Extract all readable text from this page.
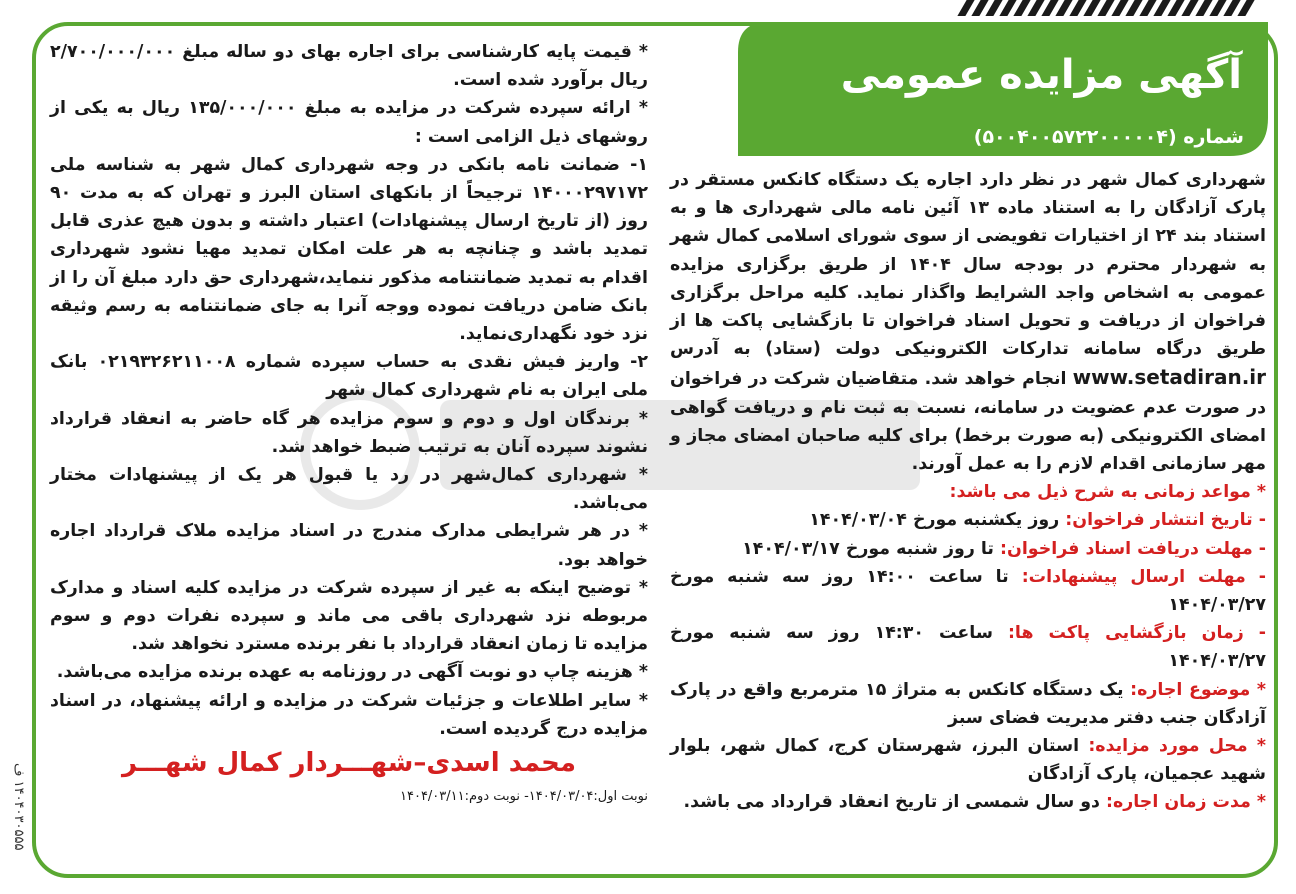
آگهی مزایده عمومی
شماره (۵۰۰۴۰۰۵۷۲۲۰۰۰۰۰۴)

شهرداری کمال شهر در نظر دارد اجاره یک دستگاه کانکس مستقر در پارک آزادگان را به استناد ماده ۱۳ آئین نامه مالی شهرداری ها و به استناد بند ۲۴ از اختیارات تفویضی از سوی شورای اسلامی کمال شهر به شهردار محترم در بودجه سال ۱۴۰۴ از طریق برگزاری مزایده عمومی به اشخاص واجد الشرایط واگذار نماید. کلیه مراحل برگزاری فراخوان از دریافت و تحویل اسناد فراخوان تا بازگشایی پاکت ها از طریق درگاه سامانه تدارکات الکترونیکی دولت (ستاد) به آدرس www.setadiran.ir انجام خواهد شد. متقاضیان شرکت در فراخوان در صورت عدم عضویت در سامانه، نسبت به ثبت نام و دریافت گواهی امضای الکترونیکی (به صورت برخط) برای کلیه صاحبان امضای مجاز و مهر سازمانی اقدام لازم را به عمل آورند.

* مواعد زمانی به شرح ذیل می باشد:

- تاریخ انتشار فراخوان: روز یکشنبه مورخ ۱۴۰۴/۰۳/۰۴

- مهلت دریافت اسناد فراخوان: تا روز شنبه مورخ ۱۴۰۴/۰۳/۱۷

- مهلت ارسال پیشنهادات: تا ساعت ۱۴:۰۰ روز سه شنبه مورخ ۱۴۰۴/۰۳/۲۷

- زمان بازگشایی پاکت ها: ساعت ۱۴:۳۰ روز سه شنبه مورخ ۱۴۰۴/۰۳/۲۷

* موضوع اجاره: یک دستگاه کانکس به متراژ ۱۵ مترمربع واقع در پارک آزادگان جنب دفتر مدیریت فضای سبز

* محل مورد مزایده: استان البرز، شهرستان کرج، کمال شهر، بلوار شهید عجمیان، پارک آزادگان

* مدت زمان اجاره: دو سال شمسی از تاریخ انعقاد قرارداد می باشد.

* قیمت پایه کارشناسی برای اجاره بهای دو ساله مبلغ ۲/۷۰۰/۰۰۰/۰۰۰ ریال برآورد شده است.

* ارائه سپرده شرکت در مزایده به مبلغ ۱۳۵/۰۰۰/۰۰۰ ریال به یکی از روشهای ذیل الزامی است :

۱- ضمانت نامه بانکی در وجه شهرداری کمال شهر به شناسه ملی ۱۴۰۰۰۲۹۷۱۷۲ ترجیحاً از بانکهای استان البرز و تهران که به مدت ۹۰ روز (از تاریخ ارسال پیشنهادات) اعتبار داشته و بدون هیچ عذری قابل تمدید باشد و چنانچه به هر علت امکان تمدید مهیا نشود شهرداری اقدام به تمدید ضمانتنامه مذکور ننماید،شهرداری حق دارد مبلغ آن را از بانک ضامن دریافت نموده ووجه آنرا به جای ضمانتنامه به رسم وثیقه نزد خود نگهداری‌نماید.

۲- واریز فیش نقدی به حساب سپرده شماره ۰۲۱۹۳۲۶۲۱۱۰۰۸ بانک ملی ایران به نام شهرداری کمال شهر

* برندگان اول و دوم و سوم مزایده هر گاه حاضر به انعقاد قرارداد نشوند سپرده آنان به ترتیب ضبط خواهد شد.

* شهرداری کمال‌شهر در رد یا قبول هر یک از پیشنهادات مختار می‌باشد.

* در هر شرایطی مدارک مندرج در اسناد مزایده ملاک قرارداد اجاره خواهد بود.

* توضیح اینکه به غیر از سپرده شرکت در مزایده کلیه اسناد و مدارک مربوطه نزد شهرداری باقی می ماند و سپرده نفرات دوم و سوم مزایده تا زمان انعقاد قرارداد با نفر برنده مسترد نخواهد شد.

* هزینه چاپ دو نوبت آگهی در روزنامه به عهده برنده مزایده می‌باشد.

* سایر اطلاعات و جزئیات شرکت در مزایده و ارائه پیشنهاد، در اسناد مزایده درج گردیده است.

محمد اسدی–شهـــردار کمال شهـــر

نوبت اول:۱۴۰۴/۰۳/۰۴- نوبت دوم:۱۴۰۴/۰۳/۱۱

۱۴۰۴۰۳۰۵۵۵ ف
